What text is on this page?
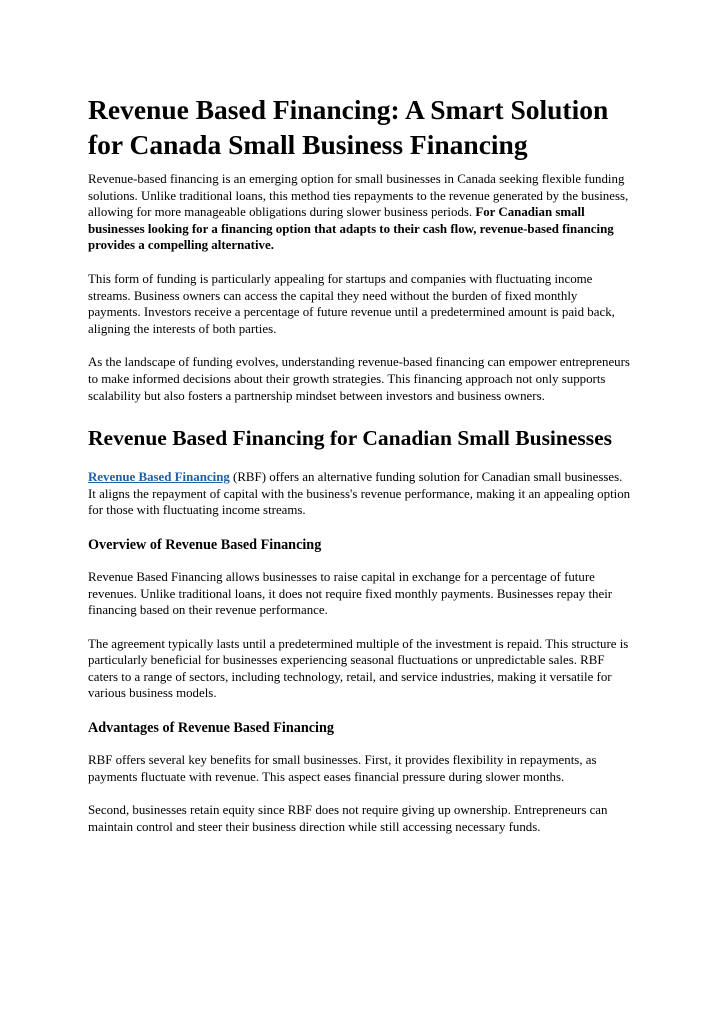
Revenue Based Financing: A Smart Solution for Canada Small Business Financing

Revenue-based financing is an emerging option for small businesses in Canada seeking flexible funding solutions. Unlike traditional loans, this method ties repayments to the revenue generated by the business, allowing for more manageable obligations during slower business periods. For Canadian small businesses looking for a financing option that adapts to their cash flow, revenue-based financing provides a compelling alternative.

This form of funding is particularly appealing for startups and companies with fluctuating income streams. Business owners can access the capital they need without the burden of fixed monthly payments. Investors receive a percentage of future revenue until a predetermined amount is paid back, aligning the interests of both parties.

As the landscape of funding evolves, understanding revenue-based financing can empower entrepreneurs to make informed decisions about their growth strategies. This financing approach not only supports scalability but also fosters a partnership mindset between investors and business owners.

Revenue Based Financing for Canadian Small Businesses

Revenue Based Financing (RBF) offers an alternative funding solution for Canadian small businesses. It aligns the repayment of capital with the business's revenue performance, making it an appealing option for those with fluctuating income streams.

Overview of Revenue Based Financing

Revenue Based Financing allows businesses to raise capital in exchange for a percentage of future revenues. Unlike traditional loans, it does not require fixed monthly payments. Businesses repay their financing based on their revenue performance.

The agreement typically lasts until a predetermined multiple of the investment is repaid. This structure is particularly beneficial for businesses experiencing seasonal fluctuations or unpredictable sales. RBF caters to a range of sectors, including technology, retail, and service industries, making it versatile for various business models.

Advantages of Revenue Based Financing

RBF offers several key benefits for small businesses. First, it provides flexibility in repayments, as payments fluctuate with revenue. This aspect eases financial pressure during slower months.

Second, businesses retain equity since RBF does not require giving up ownership. Entrepreneurs can maintain control and steer their business direction while still accessing necessary funds.
